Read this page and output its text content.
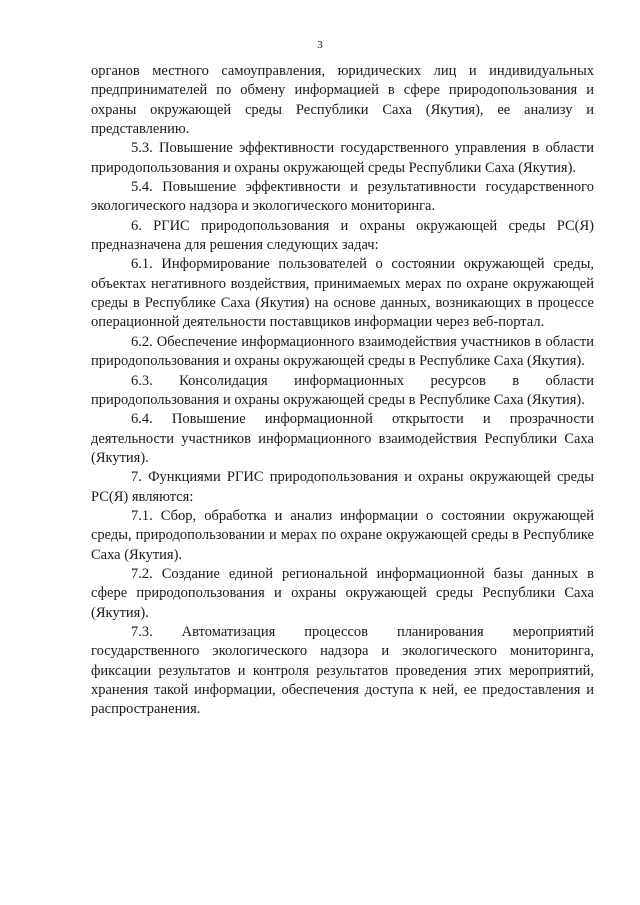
3

органов местного самоуправления, юридических лиц и индивидуальных предпринимателей по обмену информацией в сфере природопользования и охраны окружающей среды Республики Саха (Якутия), ее анализу и представлению.

5.3. Повышение эффективности государственного управления в области природопользования и охраны окружающей среды Республики Саха (Якутия).

5.4. Повышение эффективности и результативности государственного экологического надзора и экологического мониторинга.

6. РГИС природопользования и охраны окружающей среды РС(Я) предназначена для решения следующих задач:

6.1. Информирование пользователей о состоянии окружающей среды, объектах негативного воздействия, принимаемых мерах по охране окружающей среды в Республике Саха (Якутия) на основе данных, возникающих в процессе операционной деятельности поставщиков информации через веб-портал.

6.2. Обеспечение информационного взаимодействия участников в области природопользования и охраны окружающей среды в Республике Саха (Якутия).

6.3. Консолидация информационных ресурсов в области природопользования и охраны окружающей среды в Республике Саха (Якутия).

6.4. Повышение информационной открытости и прозрачности деятельности участников информационного взаимодействия Республики Саха (Якутия).

7. Функциями РГИС природопользования и охраны окружающей среды РС(Я) являются:

7.1. Сбор, обработка и анализ информации о состоянии окружающей среды, природопользовании и мерах по охране окружающей среды в Республике Саха (Якутия).

7.2. Создание единой региональной информационной базы данных в сфере природопользования и охраны окружающей среды Республики Саха (Якутия).

7.3. Автоматизация процессов планирования мероприятий государственного экологического надзора и экологического мониторинга, фиксации результатов и контроля результатов проведения этих мероприятий, хранения такой информации, обеспечения доступа к ней, ее предоставления и распространения.
